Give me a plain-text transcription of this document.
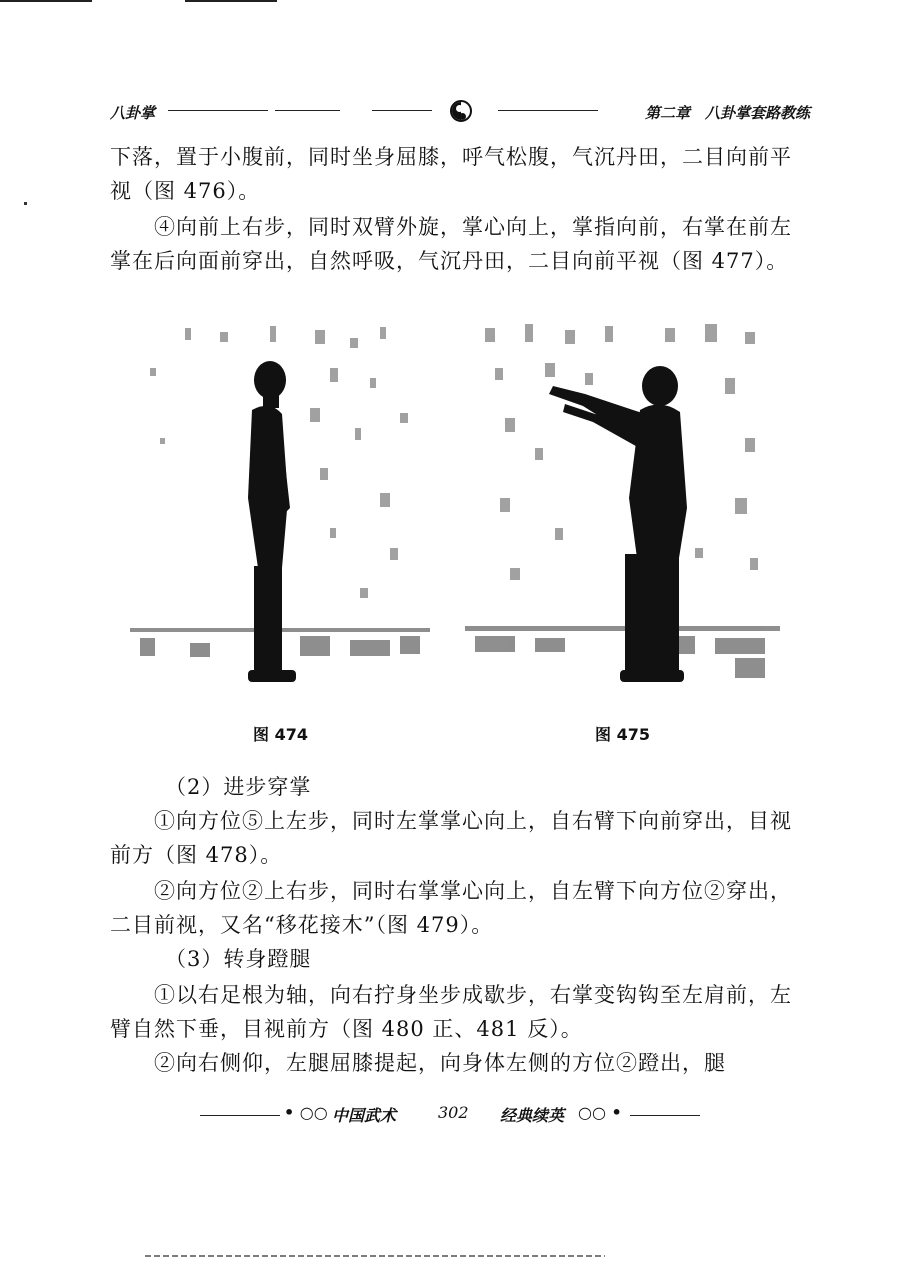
八卦掌	第二章　八卦掌套路教练

下落，置于小腹前，同时坐身屈膝，呼气松腹，气沉丹田，二目向前平视（图 476）。

④向前上右步，同时双臂外旋，掌心向上，掌指向前，右掌在前左掌在后向面前穿出，自然呼吸，气沉丹田，二目向前平视（图 477）。

图 474	图 475

（2）进步穿掌

①向方位⑤上左步，同时左掌掌心向上，自右臂下向前穿出，目视前方（图 478）。

②向方位②上右步，同时右掌掌心向上，自左臂下向方位②穿出，二目前视，又名“移花接木”（图 479）。

（3）转身蹬腿

①以右足根为轴，向右拧身坐步成歇步，右掌变钩钩至左肩前，左臂自然下垂，目视前方（图 480 正、481 反）。

②向右侧仰，左腿屈膝提起，向身体左侧的方位②蹬出，腿

• ○○ 中国武术	302 经典续英 ○○ •
